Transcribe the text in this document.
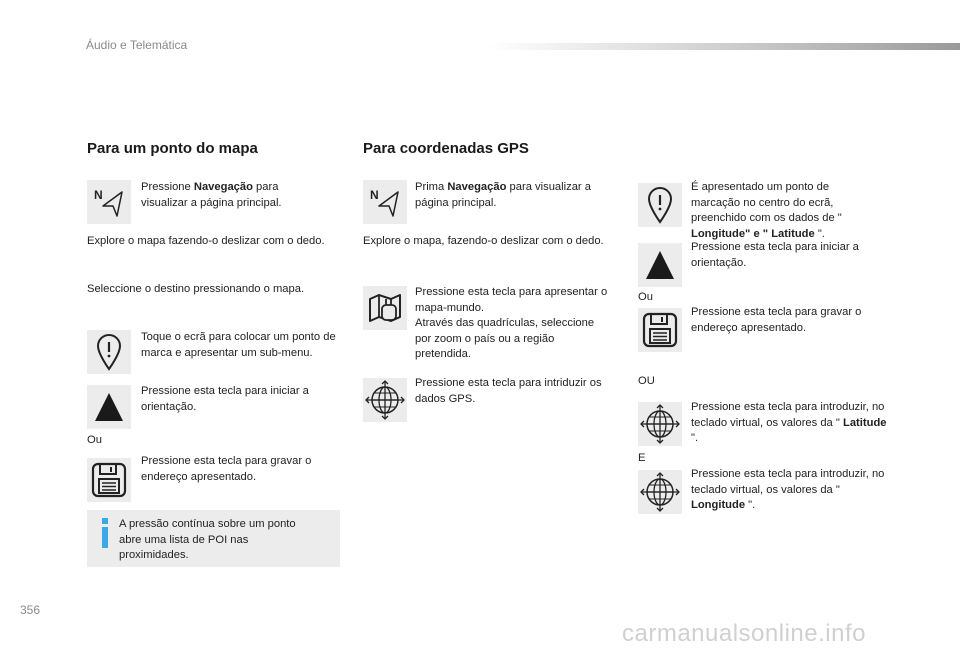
Áudio e Telemática
356
carmanualsonline.info
Para um ponto do mapa
N
Pressione Navegação para visualizar a página principal.
Explore o mapa fazendo-o deslizar com o dedo.
Seleccione o destino pressionando o mapa.
Toque o ecrã para colocar um ponto de marca e apresentar um sub-menu.
Pressione esta tecla para iniciar a orientação.
Ou
Pressione esta tecla para gravar o endereço apresentado.
A pressão contínua sobre um ponto abre uma lista de POI nas proximidades.
Para coordenadas GPS
N
Prima Navegação para visualizar a página principal.
Explore o mapa, fazendo-o deslizar com o dedo.
Pressione esta tecla para apresentar o mapa-mundo.
Através das quadrículas, seleccione por zoom o país ou a região pretendida.
Pressione esta tecla para intriduzir os dados GPS.
É apresentado um ponto de marcação no centro do ecrã, preenchido com os dados de " Longitude" e " Latitude ".
Pressione esta tecla para iniciar a orientação.
Ou
Pressione esta tecla para gravar o endereço apresentado.
OU
Pressione esta tecla para introduzir, no teclado virtual, os valores da " Latitude ".
E
Pressione esta tecla para introduzir, no teclado virtual, os valores da " Longitude ".
